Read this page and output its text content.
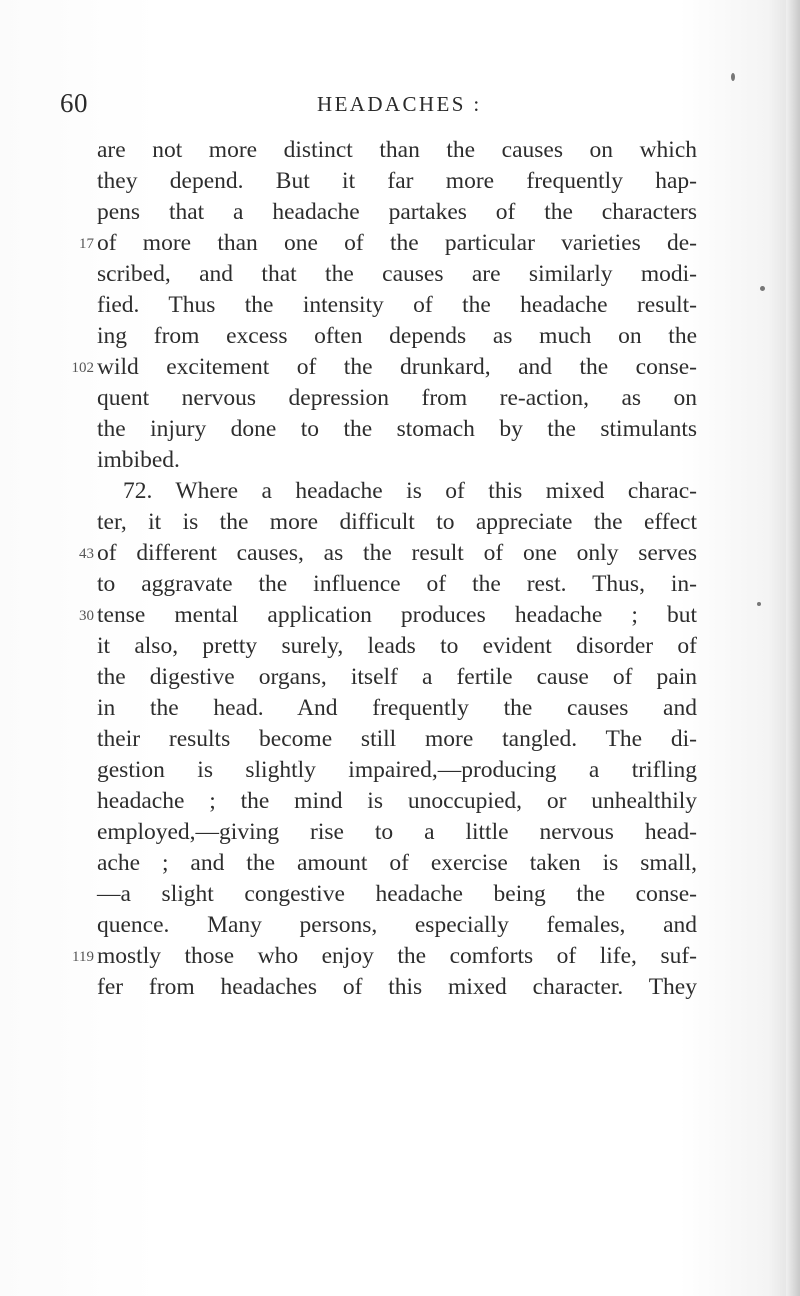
60	HEADACHES :
are not more distinct than the causes on which
they depend. But it far more frequently hap-
pens that a headache partakes of the characters
17 of more than one of the particular varieties de-
scribed, and that the causes are similarly modi-
fied. Thus the intensity of the headache result-
ing from excess often depends as much on the
102 wild excitement of the drunkard, and the conse-
quent nervous depression from re-action, as on
the injury done to the stomach by the stimulants
imbibed.
72. Where a headache is of this mixed charac-
ter, it is the more difficult to appreciate the effect
43 of different causes, as the result of one only serves
to aggravate the influence of the rest. Thus, in-
30 tense mental application produces headache ; but
it also, pretty surely, leads to evident disorder of
the digestive organs, itself a fertile cause of pain
in the head. And frequently the causes and
their results become still more tangled. The di-
gestion is slightly impaired,—producing a trifling
headache ; the mind is unoccupied, or unhealthily
employed,—giving rise to a little nervous head-
ache ; and the amount of exercise taken is small,
—a slight congestive headache being the conse-
quence. Many persons, especially females, and
119 mostly those who enjoy the comforts of life, suf-
fer from headaches of this mixed character. They
